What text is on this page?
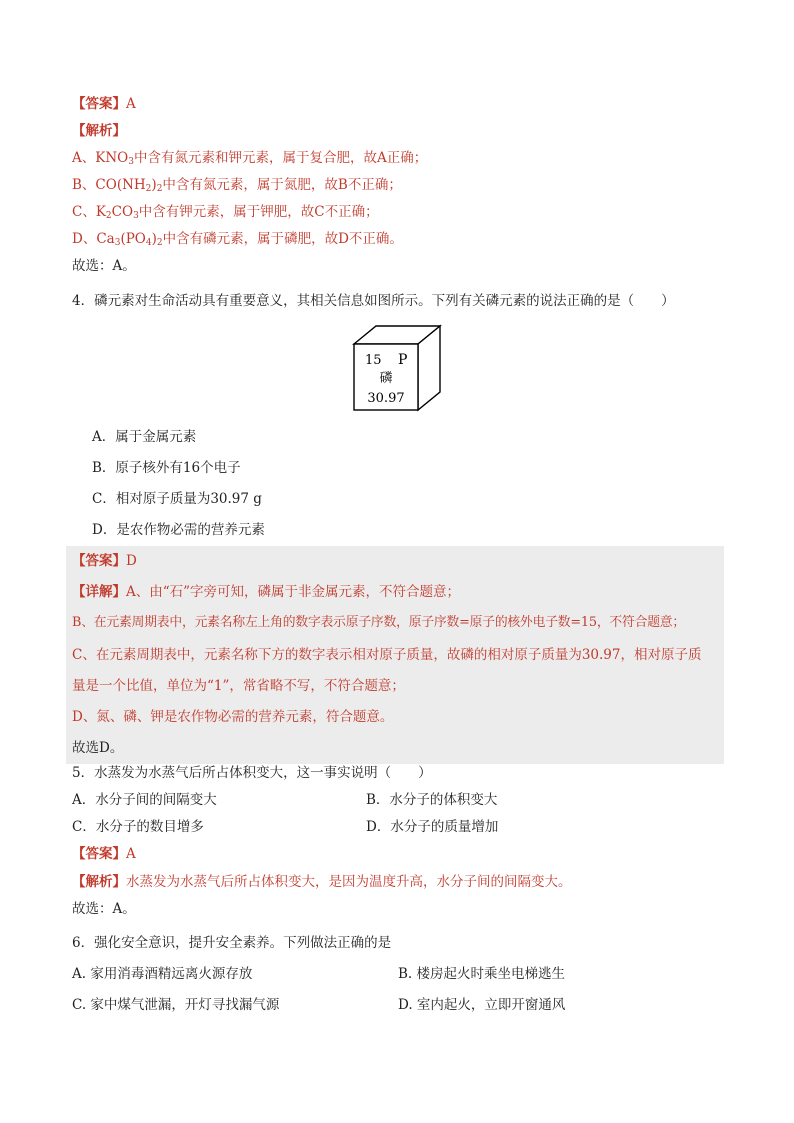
【答案】A
【解析】
A、$KNO_3$中含有氮元素和钾元素，属于复合肥，故A正确；
B、$CO(NH_2)_2$中含有氮元素，属于氮肥，故B不正确；
C、$K_2CO_3$中含有钾元素，属于钾肥，故C不正确；
D、$Ca_3(PO_4)_2$中含有磷元素，属于磷肥，故D不正确。
故选：A。
4．磷元素对生命活动具有重要意义，其相关信息如图所示。下列有关磷元素的说法正确的是（　　）
15 P
磷
30.97
A．属于金属元素
B．原子核外有16个电子
C．相对原子质量为30.97 g
D．是农作物必需的营养元素
【答案】D
【详解】A、由“石”字旁可知，磷属于非金属元素，不符合题意；
B、在元素周期表中，元素名称左上角的数字表示原子序数，原子序数=原子的核外电子数=15，不符合题意；
C、在元素周期表中，元素名称下方的数字表示相对原子质量，故磷的相对原子质量为30.97，相对原子质
量是一个比值，单位为“1”，常省略不写，不符合题意；
D、氮、磷、钾是农作物必需的营养元素，符合题意。
故选D。
5．水蒸发为水蒸气后所占体积变大，这一事实说明（　　）
A．水分子间的间隔变大	B．水分子的体积变大
C．水分子的数目增多	D．水分子的质量增加
【答案】A
【解析】水蒸发为水蒸气后所占体积变大，是因为温度升高，水分子间的间隔变大。
故选：A。
6．强化安全意识，提升安全素养。下列做法正确的是
A. 家用消毒酒精远离火源存放	B. 楼房起火时乘坐电梯逃生
C. 家中煤气泄漏，开灯寻找漏气源	D. 室内起火，立即开窗通风
